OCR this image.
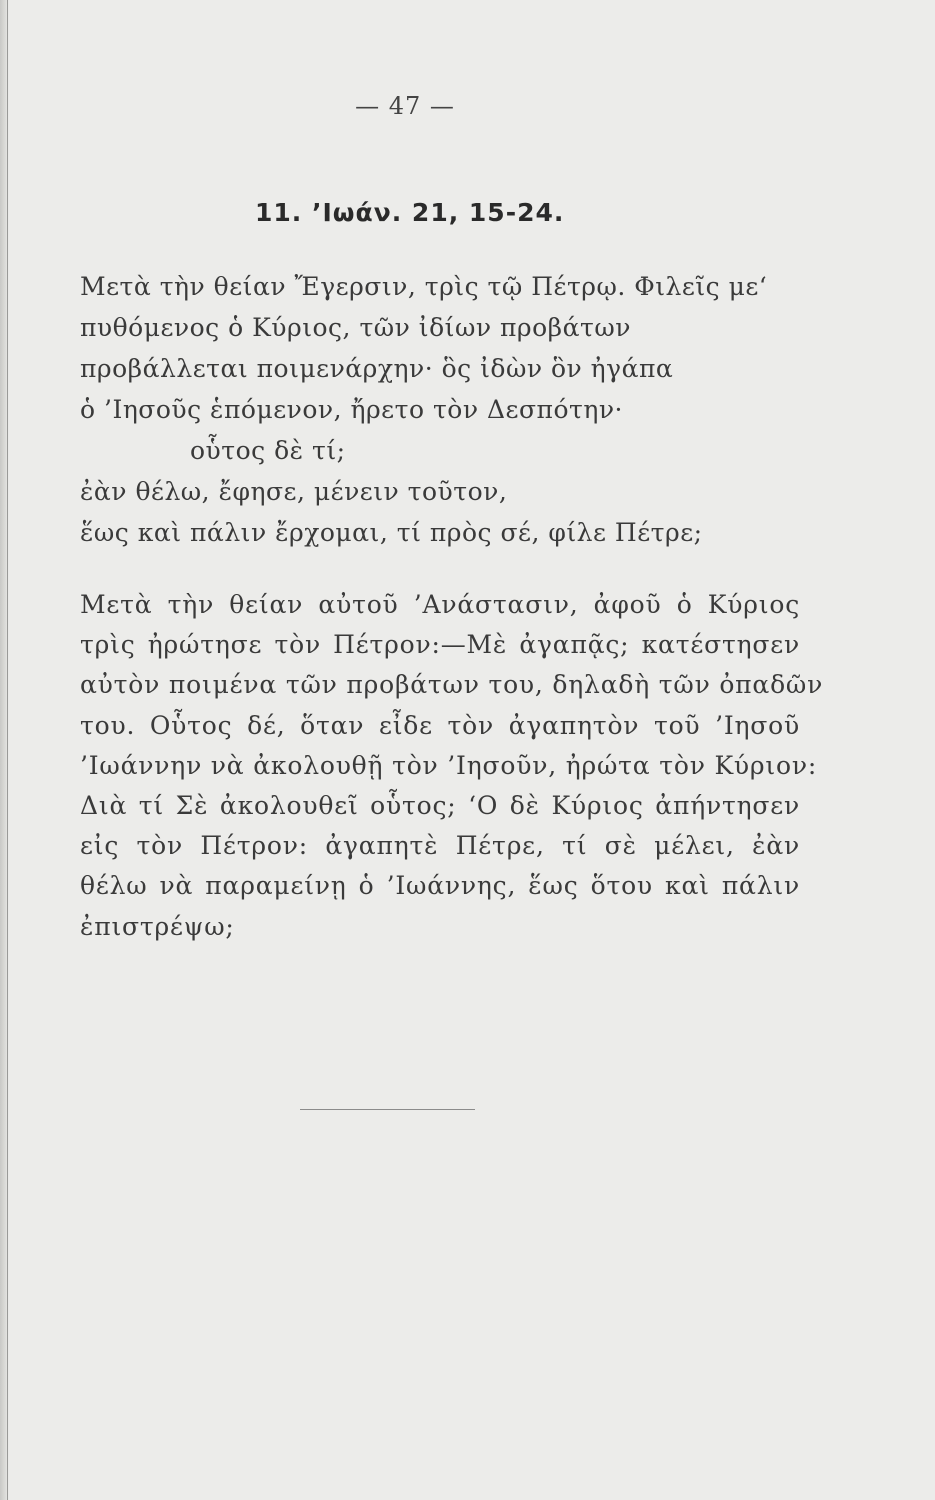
— 47 —
11. ’Ιωάν. 21, 15-24.
Μετὰ τὴν θείαν Ἔγερσιν, τρὶς τῷ Πέτρῳ. Φιλεῖς με‘
πυθόμενος ὁ Κύριος, τῶν ἰδίων προβάτων
προβάλλεται ποιμενάρχην· ὃς ἰδὼν ὃν ἠγάπα
ὁ ’Ιησοῦς ἑπόμενον, ἤρετο τὸν Δεσπότην·
οὗτος δὲ τί;
ἐὰν θέλω, ἔφησε, μένειν τοῦτον,
ἕως καὶ πάλιν ἔρχομαι, τί πρὸς σέ, φίλε Πέτρε;
Μετὰ τὴν θείαν αὐτοῦ ’Ανάστασιν, ἀφοῦ ὁ Κύριος
τρὶς ἠρώτησε τὸν Πέτρον:—Μὲ ἀγαπᾷς; κατέστησεν
αὐτὸν ποιμένα τῶν προβάτων του, δηλαδὴ τῶν ὀπαδῶν
του. Οὗτος δέ, ὅταν εἶδε τὸν ἀγαπητὸν τοῦ ’Ιησοῦ
’Ιωάννην νὰ ἀκολουθῇ τὸν ’Ιησοῦν, ἠρώτα τὸν Κύριον:
Διὰ τί Σὲ ἀκολουθεῖ οὗτος; ‘Ο δὲ Κύριος ἀπήντησεν
εἰς τὸν Πέτρον: ἀγαπητὲ Πέτρε, τί σὲ μέλει, ἐὰν
θέλω νὰ παραμείνῃ ὁ ’Ιωάννης, ἕως ὅτου καὶ πάλιν
ἐπιστρέψω;
